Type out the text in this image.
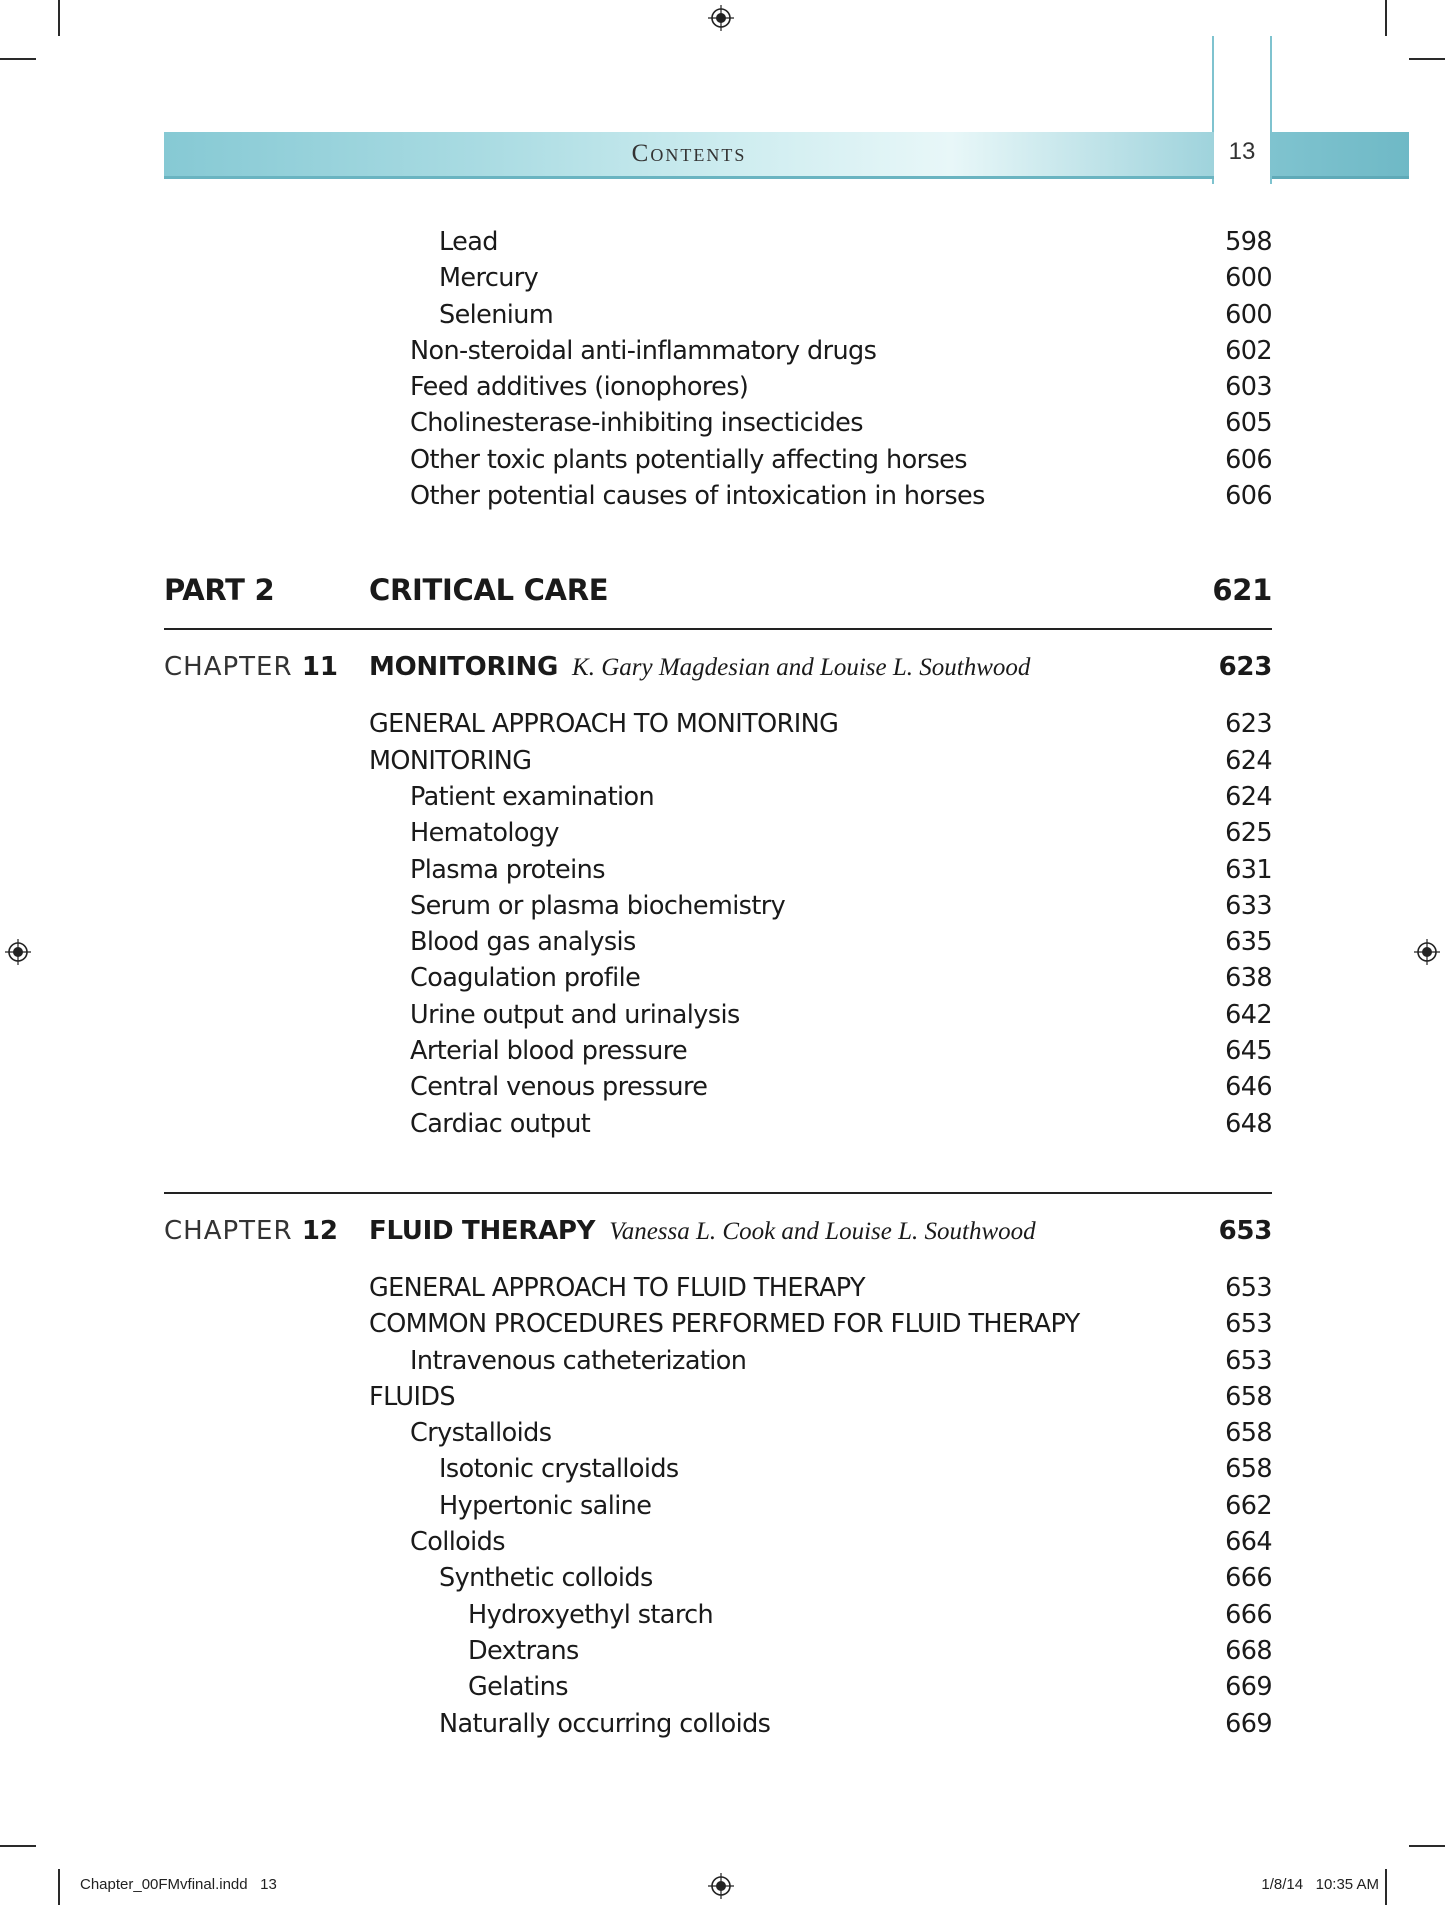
Contents	13
Lead	598
Mercury	600
Selenium	600
Non-steroidal anti-inflammatory drugs	602
Feed additives (ionophores)	603
Cholinesterase-inhibiting insecticides	605
Other toxic plants potentially affecting horses	606
Other potential causes of intoxication in horses	606
PART 2	CRITICAL CARE	621
CHAPTER 11 MONITORING K. Gary Magdesian and Louise L. Southwood	623
GENERAL APPROACH TO MONITORING	623
MONITORING	624
Patient examination	624
Hematology	625
Plasma proteins	631
Serum or plasma biochemistry	633
Blood gas analysis	635
Coagulation profile	638
Urine output and urinalysis	642
Arterial blood pressure	645
Central venous pressure	646
Cardiac output	648
CHAPTER 12 FLUID THERAPY Vanessa L. Cook and Louise L. Southwood	653
GENERAL APPROACH TO FLUID THERAPY	653
COMMON PROCEDURES PERFORMED FOR FLUID THERAPY	653
Intravenous catheterization	653
FLUIDS	658
Crystalloids	658
Isotonic crystalloids	658
Hypertonic saline	662
Colloids	664
Synthetic colloids	666
Hydroxyethyl starch	666
Dextrans	668
Gelatins	669
Naturally occurring colloids	669
Chapter_00FMvfinal.indd   13	1/8/14   10:35 AM
